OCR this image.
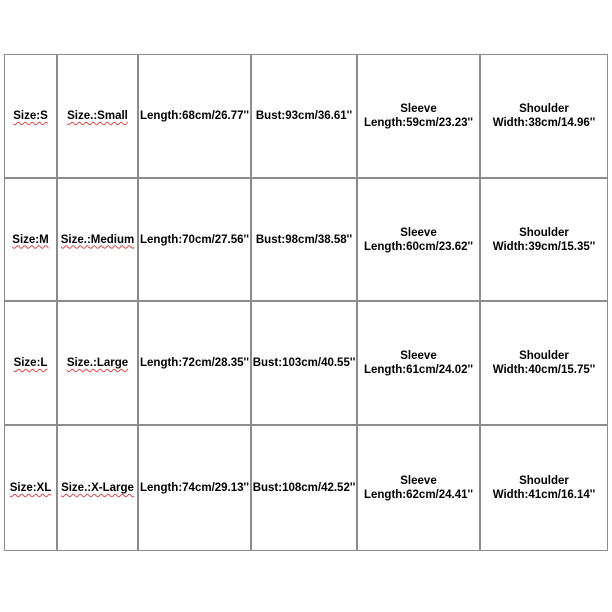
Size:S Size.:Small Length:68cm/26.77'' Bust:93cm/36.61''
Sleeve
Length:59cm/23.23''
Shoulder
Width:38cm/14.96''
Size:M Size.:Medium Length:70cm/27.56'' Bust:98cm/38.58''
Sleeve
Length:60cm/23.62''
Shoulder
Width:39cm/15.35''
Size:L Size.:Large Length:72cm/28.35'' Bust:103cm/40.55''
Sleeve
Length:61cm/24.02''
Shoulder
Width:40cm/15.75''
Size:XL Size.:X-Large Length:74cm/29.13'' Bust:108cm/42.52''
Sleeve
Length:62cm/24.41''
Shoulder
Width:41cm/16.14''
